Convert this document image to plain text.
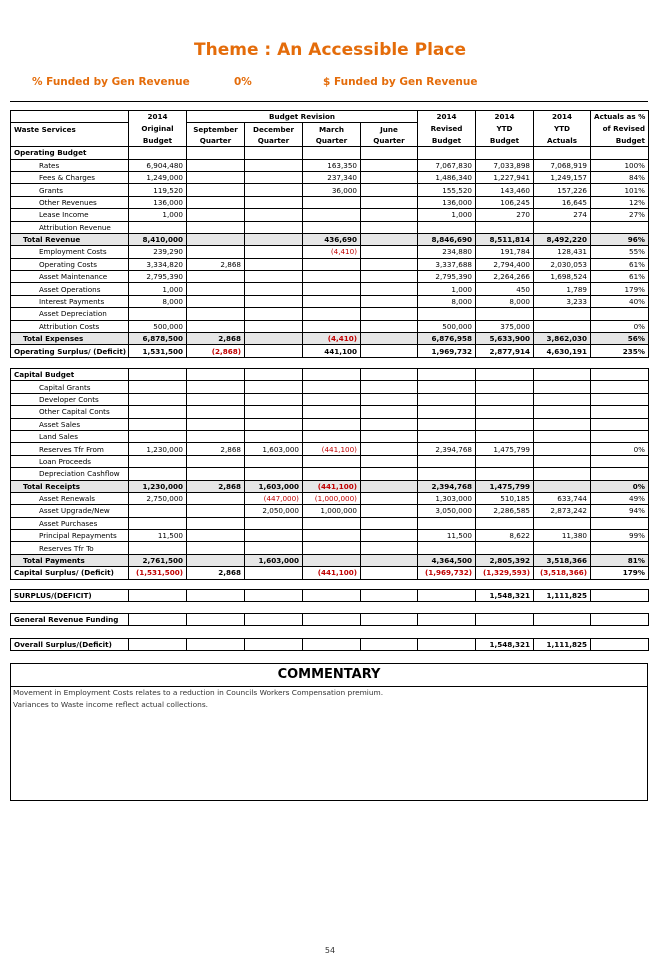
Theme : An Accessible Place
% Funded by Gen Revenue	0%	$ Funded by Gen Revenue
	2014	Budget Revision				2014	2014	2014	Actuals as %
Waste Services	Original	September	December	March	June	Revised	YTD	YTD	of Revised
	Budget	Quarter	Quarter	Quarter	Quarter	Budget	Budget	Actuals	Budget
Operating Budget									
Rates	6,904,480			163,350		7,067,830	7,033,898	7,068,919	100%
Fees & Charges	1,249,000			237,340		1,486,340	1,227,941	1,249,157	84%
Grants	119,520			36,000		155,520	143,460	157,226	101%
Other Revenues	136,000					136,000	106,245	16,645	12%
Lease Income	1,000					1,000	270	274	27%
Attribution Revenue									
Total Revenue	8,410,000			436,690		8,846,690	8,511,814	8,492,220	96%
Employment Costs	239,290			(4,410)		234,880	191,784	128,431	55%
Operating Costs	3,334,820	2,868				3,337,688	2,794,400	2,030,053	61%
Asset Maintenance	2,795,390					2,795,390	2,264,266	1,698,524	61%
Asset Operations	1,000					1,000	450	1,789	179%
Interest Payments	8,000					8,000	8,000	3,233	40%
Asset Depreciation									
Attribution Costs	500,000					500,000	375,000		0%
Total Expenses	6,878,500	2,868		(4,410)		6,876,958	5,633,900	3,862,030	56%
Operating Surplus/ (Deficit)	1,531,500	(2,868)		441,100		1,969,732	2,877,914	4,630,191	235%
Capital Budget									
Capital Grants									
Developer Conts									
Other Capital Conts									
Asset Sales									
Land Sales									
Reserves Tfr From	1,230,000	2,868	1,603,000	(441,100)		2,394,768	1,475,799		0%
Loan Proceeds									
Depreciation Cashflow									
Total Receipts	1,230,000	2,868	1,603,000	(441,100)		2,394,768	1,475,799		0%
Asset Renewals	2,750,000		(447,000)	(1,000,000)		1,303,000	510,185	633,744	49%
Asset Upgrade/New			2,050,000	1,000,000		3,050,000	2,286,585	2,873,242	94%
Asset Purchases									
Principal Repayments	11,500					11,500	8,622	11,380	99%
Reserves Tfr To									
Total Payments	2,761,500		1,603,000			4,364,500	2,805,392	3,518,366	81%
Capital Surplus/ (Deficit)	(1,531,500)	2,868		(441,100)		(1,969,732)	(1,329,593)	(3,518,366)	179%
SURPLUS/(DEFICIT)							1,548,321	1,111,825	
General Revenue Funding									
Overall Surplus/(Deficit)							1,548,321	1,111,825	
COMMENTARY
Movement in Employment Costs relates to a reduction in Councils Workers Compensation premium.
Variances to Waste income reflect actual collections.
54
